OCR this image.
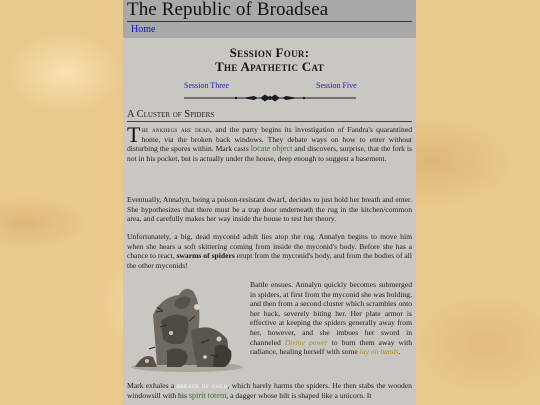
The Republic of Broadsea
Home
Session Four:
The Apathetic Cat
Session Three	Session Five
A Cluster of Spiders

The ankhegs are dead, and the party begins its investigation of Fandra's quarantined home, via the broken back windows. They debate ways on how to enter without disturbing the spores within. Mark casts locate object and discovers, surprise, that the fork is not in his pocket, but is actually under the house, deep enough to suggest a basement.

Eventually, Annalyn, being a poison-resistant dwarf, decides to just hold her breath and enter. She hypothesizes that there must be a trap door underneath the rug in the kitchen/common area, and carefully makes her way inside the house to test her theory.

Unfortunately, a big, dead myconid adult lies atop the rug. Annalyn begins to move him when she hears a soft skittering coming from inside the myconid's body. Before she has a chance to react, swarms of spiders erupt from the myconid's body, and from the bodies of all the other myconids!

Battle ensues. Annalyn quickly becomes submerged in spiders, at first from the myconid she was holding, and then from a second cluster which scrambles onto her back, severely biting her. Her plate armor is effective at keeping the spiders generally away from her, however, and she imbues her sword in channeled Divine power to burn them away with radiance, healing herself with some lay on hands.

Mark exhales a breath of cold, which barely harms the spiders. He then stabs the wooden windowsill with his spirit totem, a dagger whose hilt is shaped like a unicorn. It
